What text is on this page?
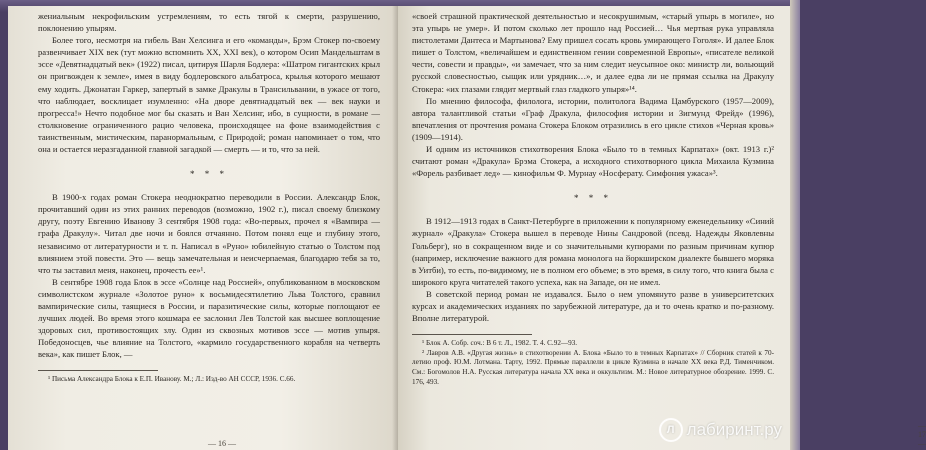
жениальным некрофильским устремлениям, то есть тягой к смерти, разрушению, поклонению упырям.

Более того, несмотря на гибель Ван Хелсинга и его «команды», Брэм Стокер по-своему развенчивает XIX век (тут можно вспомнить ХХ, XXI век), о котором Осип Мандельштам в эссе «Девятнадцатый век» (1922) писал, цитируя Шарля Бодлера: «Шатром гигантских крыл он пригвожден к земле», имея в виду бодлеровского альбатроса, крылья которого мешают ему ходить. Джонатан Гаркер, запертый в замке Дракулы в Трансильвании, в ужасе от того, что наблюдает, восклицает изумленно: «На дворе девятнадцатый век — век науки и прогресса!» Нечто подобное мог бы сказать и Ван Хелсинг, ибо, в сущности, в романе — столкновение ограниченного рацио человека, происходящее на фоне взаимодействия с таинственным, мистическим, паранормальным, с Природой; роман напоминает о том, что она и остается неразгаданной главной загадкой — смерть — и то, что за ней.

* * *

В 1900-х годах роман Стокера неоднократно переводили в России. Александр Блок, прочитавший один из этих ранних переводов (возможно, 1902 г.), писал своему близкому другу, поэту Евгению Иванову 3 сентября 1908 года: «Во-первых, прочел я «Вампира — графа Дракулу». Читал две ночи и боялся отчаянно. Потом понял еще и глубину этого, независимо от литературности и т. п. Написал в «Руно» юбилейную статью о Толстом под влиянием этой повести. Это — вещь замечательная и неисчерпаемая, благодарю тебя за то, что ты заставил меня, наконец, прочесть ее»¹.

В сентябре 1908 года Блок в эссе «Солнце над Россией», опубликованном в московском символистском журнале «Золотое руно» к восьмидесятилетию Льва Толстого, сравнил вампирические силы, таящиеся в России, и паразитические силы, которые поглощают ее лучших людей. Во время этого кошмара ее заслонил Лев Толстой как высшее воплощение здоровых сил, противостоящих злу. Один из сквозных мотивов эссе — мотив упыря. Победоносцев, чье влияние на Толстого, «кармило государственного корабля на четверть века», как пишет Блок, —

¹ Письма Александра Блока к Е.П. Иванову. М.; Л.: Изд-во АН СССР, 1936. С.66.

— 16 —

«своей страшной практической деятельностью и несокрушимым, «старый упырь в могиле», но эта упырь не умер». И потом сколько лет прошло над Россией… Чья мертвая рука управляла пистолетами Дантеса и Мартынова? Ему пришел сосать кровь умирающего Гоголя». И далее Блок пишет о Толстом, «величайшем и единственном гении современной Европы», «писателе великой чести, совести и правды», «и замечает, что за ним следит неусыпное око: министр ли, вольющий русской словесностью, сыщик или урядник…», и далее едва ли не прямая ссылка на Дракулу Стокера: «их глазами глядит мертвый глаз гладкого упыря»¹⁴.

По мнению философа, филолога, истории, политолога Вадима Цамбурского (1957—2009), автора талантливой статьи «Граф Дракула, философия истории и Зигмунд Фрейд» (1996), впечатления от прочтения романа Стокера Блоком отразились в его цикле стихов «Черная кровь» (1909—1914).

И одним из источников стихотворения Блока «Было то в темных Карпатах» (окт. 1913 г.)² считают роман «Дракула» Брэма Стокера, а исходного стихотворного цикла Михаила Кузмина «Форель разбивает лед» — кинофильм Ф. Мурнау «Носферату. Симфония ужаса»³.

* * *

В 1912—1913 годах в Санкт-Петербурге в приложении к популярному еженедельнику «Синий журнал» «Дракула» Стокера вышел в переводе Нины Сандровой (псевд. Надежды Яковлевны Гольберг), но в сокращенном виде и со значительными купюрами по разным причинам купюр (например, исключение важного для романа монолога на йоркширском диалекте бывшего моряка в Уитби), то есть, по-видимому, не в полном его объеме; в это время, в силу того, что книга была с широкого круга читателей такого успеха, как на Западе, он не имел.

В советской период роман не издавался. Было о нем упомянуто разве в университетских курсах и академических изданиях по зарубежной литературе, да и то очень кратко и по-разному. Вполне литературой.

¹ Блок А. Собр. соч.: В 6 т. Л., 1982. Т. 4. С.92—93.

² Лавров А.В. «Другая жизнь» в стихотворении А. Блока «Было то в темных Карпатах» // Сборник статей к 70-летию проф. Ю.М. Лотмана. Тарту, 1992. Прямые параллели в цикле Кузмина в начале XX века Р.Д. Тименчиком. См.: Богомолов Н.А. Русская литература начала XX века и оккультизм. М.: Новое литературное обозрение. 1999. С. 176, 493.

— 17 —
Л лабиринт.ру
